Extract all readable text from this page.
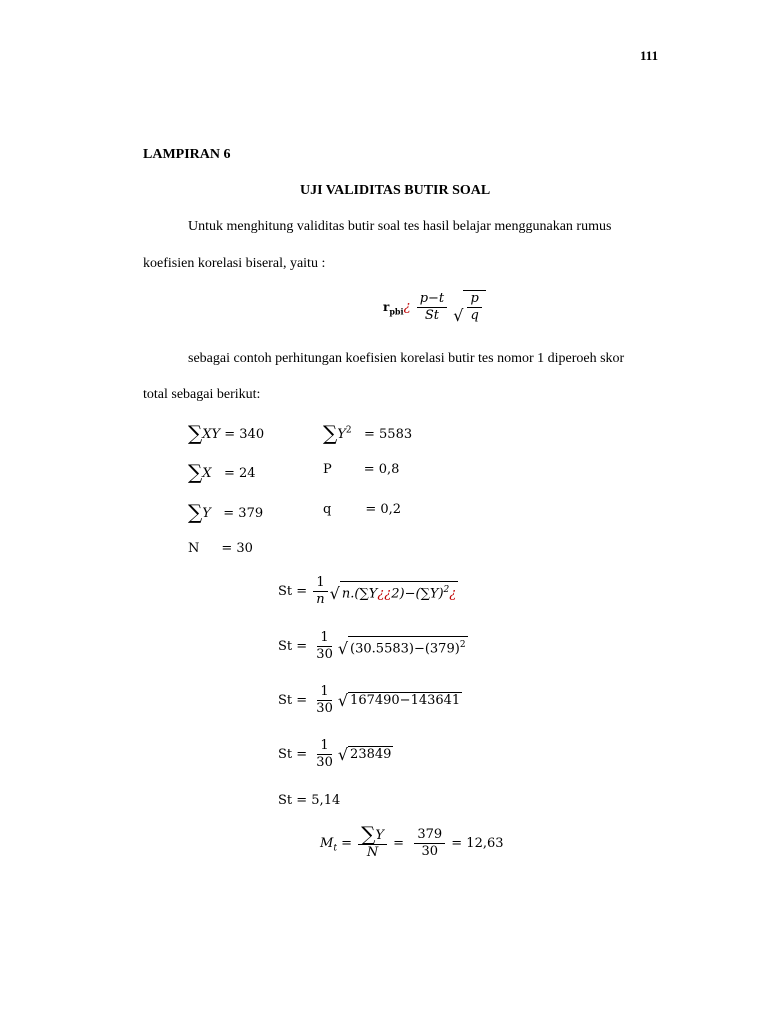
111
LAMPIRAN 6
UJI VALIDITAS BUTIR SOAL
Untuk menghitung validitas butir soal tes hasil belajar menggunakan rumus
koefisien korelasi biseral, yaitu :
$r_{pbi}¿ \frac{p-t}{St}$
√ $\frac{p}{q}$
sebagai contoh perhitungan koefisien korelasi butir tes nomor 1 diperoeh skor
total sebagai berikut:
∑XY = 340
∑X = 24
∑Y = 379
$\sum Y^2 = 5583$
P = 0,8
q	= 0,2
N = 30
$St = \frac{1}{n}$ √ $n.(\sum Y¿¿2)-(\sum Y)^2¿$
$St = \frac{1}{30}$ √ $(30.5583)-(379)^2$
$St = \frac{1}{30}$ √ 167490−143641
$St = \frac{1}{30}$ √ 23849
St = 5,14
$M_t = \frac{\sum Y}{N} = \frac{379}{30} = 12,63$
